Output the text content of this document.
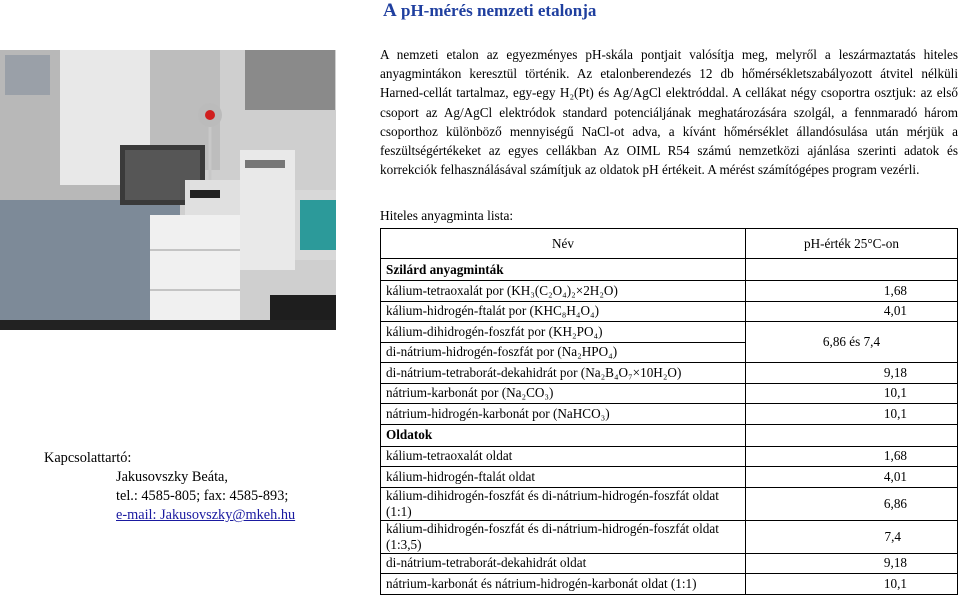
A pH-mérés nemzeti etalonja
Kapcsolattartó:
Jakusovszky Beáta,
tel.: 4585-805; fax: 4585-893;
e-mail: Jakusovszky@mkeh.hu
A nemzeti etalon az egyezményes pH-skála pontjait valósítja meg, melyről a leszármaztatás hiteles anyagmintákon keresztül történik. Az etalonberendezés 12 db hőmérsékletszabályozott átvitel nélküli Harned-cellát tartalmaz, egy-egy H₂(Pt) és Ag/AgCl elektróddal. A cellákat négy csoportra osztjuk: az első csoport az Ag/AgCl elektródok standard potenciáljának meghatározására szolgál, a fennmaradó három csoporthoz különböző mennyiségű NaCl-ot adva, a kívánt hőmérséklet állandósulása után mérjük a feszültségértékeket az egyes cellákban Az OIML R54 számú nemzetközi ajánlása szerinti adatok és korrekciók felhasználásával számítjuk az oldatok pH értékeit. A mérést számítógépes program vezérli.
Hiteles anyagminta lista:
Név	pH-érték 25°C-on
Szilárd anyagminták	
kálium-tetraoxalát por (KH₃(C₂O₄)₂×2H₂O)	1,68
kálium-hidrogén-ftalát por (KHC₈H₄O₄)	4,01
kálium-dihidrogén-foszfát por (KH₂PO₄)	6,86 és 7,4
di-nátrium-hidrogén-foszfát por (Na₂HPO₄)	
di-nátrium-tetraborát-dekahidrát por (Na₂B₄O₇×10H₂O)	9,18
nátrium-karbonát por (Na₂CO₃)	10,1
nátrium-hidrogén-karbonát por (NaHCO₃)	10,1
Oldatok	
kálium-tetraoxalát oldat	1,68
kálium-hidrogén-ftalát oldat	4,01
kálium-dihidrogén-foszfát és di-nátrium-hidrogén-foszfát oldat (1:1)	6,86
kálium-dihidrogén-foszfát és di-nátrium-hidrogén-foszfát oldat (1:3,5)	7,4
di-nátrium-tetraborát-dekahidrát oldat	9,18
nátrium-karbonát és nátrium-hidrogén-karbonát oldat (1:1)	10,1
